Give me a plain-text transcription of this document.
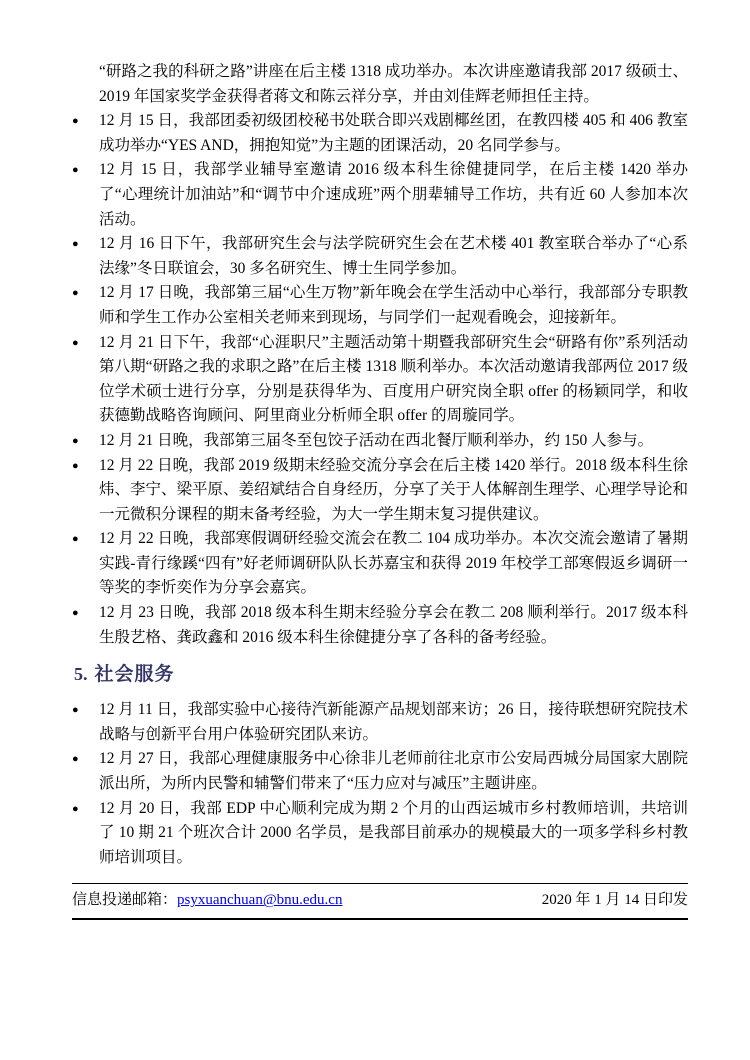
“研路之我的科研之路”讲座在后主楼 1318 成功举办。本次讲座邀请我部 2017 级硕士、2019 年国家奖学金获得者蒋文和陈云祥分享，并由刘佳辉老师担任主持。

●	12 月 15 日，我部团委初级团校秘书处联合即兴戏剧椰丝团，在教四楼 405 和 406 教室成功举办“YES AND，拥抱知觉”为主题的团课活动，20 名同学参与。
●	12 月 15 日，我部学业辅导室邀请 2016 级本科生徐健捷同学，在后主楼 1420 举办了“心理统计加油站”和“调节中介速成班”两个朋辈辅导工作坊，共有近 60 人参加本次活动。
●	12 月 16 日下午，我部研究生会与法学院研究生会在艺术楼 401 教室联合举办了“心系法缘”冬日联谊会，30 多名研究生、博士生同学参加。
●	12 月 17 日晚，我部第三届“心生万物”新年晚会在学生活动中心举行，我部部分专职教师和学生工作办公室相关老师来到现场，与同学们一起观看晚会，迎接新年。
●	12 月 21 日下午，我部“心涯职尺”主题活动第十期暨我部研究生会“研路有你”系列活动第八期“研路之我的求职之路”在后主楼 1318 顺利举办。本次活动邀请我部两位 2017 级位学术硕士进行分享，分别是获得华为、百度用户研究岗全职 offer 的杨颖同学，和收获德勤战略咨询顾问、阿里商业分析师全职 offer 的周璇同学。
●	12 月 21 日晚，我部第三届冬至包饺子活动在西北餐厅顺利举办，约 150 人参与。
●	12 月 22 日晚，我部 2019 级期末经验交流分享会在后主楼 1420 举行。2018 级本科生徐炜、李宁、梁平原、姜绍斌结合自身经历，分享了关于人体解剖生理学、心理学导论和一元微积分课程的期末备考经验，为大一学生期末复习提供建议。
●	12 月 22 日晚，我部寒假调研经验交流会在教二 104 成功举办。本次交流会邀请了暑期实践-青行缘蹊“四有”好老师调研队队长苏嘉宝和获得 2019 年校学工部寒假返乡调研一等奖的李忻奕作为分享会嘉宾。
●	12 月 23 日晚，我部 2018 级本科生期末经验分享会在教二 208 顺利举行。2017 级本科生殷艺格、龚政鑫和 2016 级本科生徐健捷分享了各科的备考经验。
5. 社会服务
●	12 月 11 日，我部实验中心接待汽新能源产品规划部来访；26 日，接待联想研究院技术战略与创新平台用户体验研究团队来访。
●	12 月 27 日，我部心理健康服务中心徐非儿老师前往北京市公安局西城分局国家大剧院派出所，为所内民警和辅警们带来了“压力应对与减压”主题讲座。
●	12 月 20 日，我部 EDP 中心顺利完成为期 2 个月的山西运城市乡村教师培训，共培训了 10 期 21 个班次合计 2000 名学员，是我部目前承办的规模最大的一项多学科乡村教师培训项目。
信息投递邮箱：psyxuanchuan@bnu.edu.cn	2020 年 1 月 14 日印发
